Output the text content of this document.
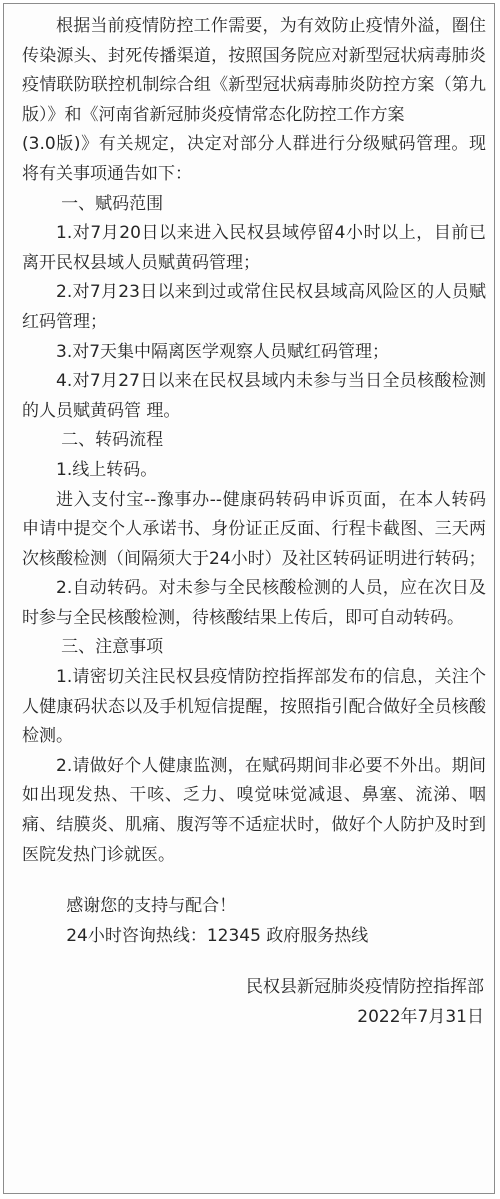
根据当前疫情防控工作需要，为有效防止疫情外溢，圈住传染源头、封死传播渠道，按照国务院应对新型冠状病毒肺炎疫情联防联控机制综合组《新型冠状病毒肺炎防控方案（第九版）》和《河南省新冠肺炎疫情常态化防控工作方案

(3.0版)》有关规定，决定对部分人群进行分级赋码管理。现将有关事项通告如下：

一、赋码范围

1.对7月20日以来进入民权县域停留4小时以上，目前已离开民权县域人员赋黄码管理；

2.对7月23日以来到过或常住民权县域高风险区的人员赋红码管理；

3.对7天集中隔离医学观察人员赋红码管理；

4.对7月27日以来在民权县域内未参与当日全员核酸检测的人员赋黄码管 理。

二、转码流程

1.线上转码。

进入支付宝--豫事办--健康码转码申诉页面，在本人转码申请中提交个人承诺书、身份证正反面、行程卡截图、三天两次核酸检测（间隔须大于24小时）及社区转码证明进行转码；

2.自动转码。对未参与全民核酸检测的人员，应在次日及时参与全民核酸检测，待核酸结果上传后，即可自动转码。

三、注意事项

1.请密切关注民权县疫情防控指挥部发布的信息，关注个人健康码状态以及手机短信提醒，按照指引配合做好全员核酸检测。

2.请做好个人健康监测，在赋码期间非必要不外出。期间如出现发热、干咳、乏力、嗅觉味觉减退、鼻塞、流涕、咽痛、结膜炎、肌痛、腹泻等不适症状时，做好个人防护及时到医院发热门诊就医。

感谢您的支持与配合！

24小时咨询热线：12345 政府服务热线

民权县新冠肺炎疫情防控指挥部

2022年7月31日
